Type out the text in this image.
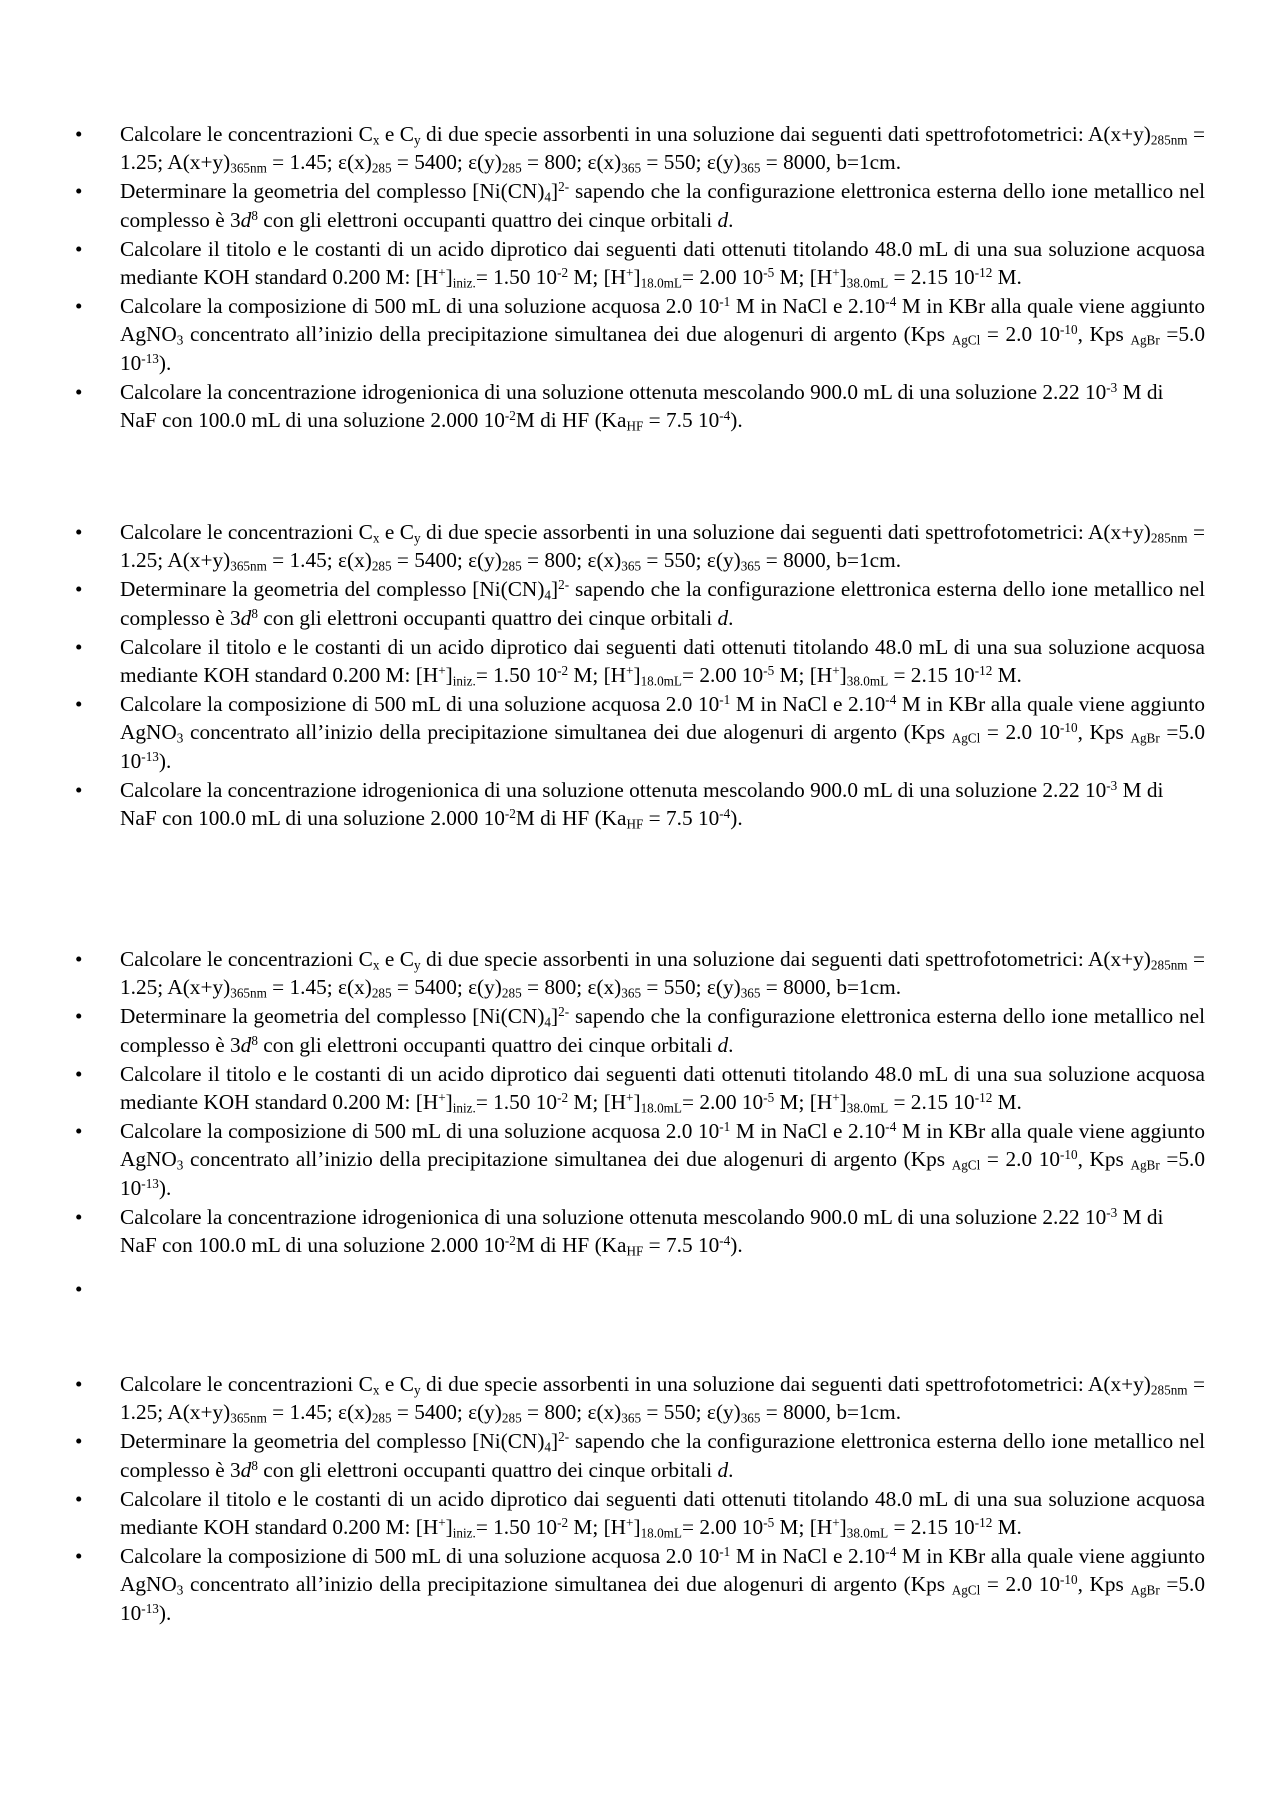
•	Calcolare le concentrazioni $C_x$ e $C_y$ di due specie assorbenti in una soluzione dai seguenti dati spettrofotometrici: $A(x+y)_{285nm} = 1.25$; $A(x+y)_{365nm} = 1.45$; $\varepsilon(x)_{285} = 5400$; $\varepsilon(y)_{285} = 800$; $\varepsilon(x)_{365} = 550$; $\varepsilon(y)_{365} = 8000$, b=1cm.
•	Determinare la geometria del complesso $[Ni(CN)_4]^{2-}$ sapendo che la configurazione elettronica esterna dello ione metallico nel complesso è $3d^8$ con gli elettroni occupanti quattro dei cinque orbitali d.
•	Calcolare il titolo e le costanti di un acido diprotico dai seguenti dati ottenuti titolando 48.0 mL di una sua soluzione acquosa mediante KOH standard 0.200 M: $[H^+]_{iniz.}= 1.50$ $10^{-2}$ M; $[H^+]_{18.0mL}= 2.00$ $10^{-5}$ M; $[H^+]_{38.0mL} = 2.15$ $10^{-12}$ M.
•	Calcolare la composizione di 500 mL di una soluzione acquosa 2.0 $10^{-1}$ M in NaCl e $2.10^{-4}$ M in KBr alla quale viene aggiunto AgNO$_3$ concentrato all’inizio della precipitazione simultanea dei due alogenuri di argento (Kps $_{AgCl}$ = 2.0 $10^{-10}$, Kps $_{AgBr}$ =5.0 $10^{-13}$).
•	Calcolare la concentrazione idrogenionica di una soluzione ottenuta mescolando 900.0 mL di una soluzione 2.22 $10^{-3}$ M di NaF con 100.0 mL di una soluzione 2.000 $10^{-2}M$ di HF ($Ka_{HF} = 7.5$ $10^{-4}$).
•	Calcolare le concentrazioni $C_x$ e $C_y$ di due specie assorbenti in una soluzione dai seguenti dati spettrofotometrici: $A(x+y)_{285nm} = 1.25$; $A(x+y)_{365nm} = 1.45$; $\varepsilon(x)_{285} = 5400$; $\varepsilon(y)_{285} = 800$; $\varepsilon(x)_{365} = 550$; $\varepsilon(y)_{365} = 8000$, b=1cm.
•	Determinare la geometria del complesso $[Ni(CN)_4]^{2-}$ sapendo che la configurazione elettronica esterna dello ione metallico nel complesso è $3d^8$ con gli elettroni occupanti quattro dei cinque orbitali d.
•	Calcolare il titolo e le costanti di un acido diprotico dai seguenti dati ottenuti titolando 48.0 mL di una sua soluzione acquosa mediante KOH standard 0.200 M: $[H^+]_{iniz.}= 1.50$ $10^{-2}$ M; $[H^+]_{18.0mL}= 2.00$ $10^{-5}$ M; $[H^+]_{38.0mL} = 2.15$ $10^{-12}$ M.
•	Calcolare la composizione di 500 mL di una soluzione acquosa 2.0 $10^{-1}$ M in NaCl e $2.10^{-4}$ M in KBr alla quale viene aggiunto AgNO$_3$ concentrato all’inizio della precipitazione simultanea dei due alogenuri di argento (Kps $_{AgCl}$ = 2.0 $10^{-10}$, Kps $_{AgBr}$ =5.0 $10^{-13}$).
•	Calcolare la concentrazione idrogenionica di una soluzione ottenuta mescolando 900.0 mL di una soluzione 2.22 $10^{-3}$ M di NaF con 100.0 mL di una soluzione 2.000 $10^{-2}M$ di HF ($Ka_{HF} = 7.5$ $10^{-4}$).
•	Calcolare le concentrazioni $C_x$ e $C_y$ di due specie assorbenti in una soluzione dai seguenti dati spettrofotometrici: $A(x+y)_{285nm} = 1.25$; $A(x+y)_{365nm} = 1.45$; $\varepsilon(x)_{285} = 5400$; $\varepsilon(y)_{285} = 800$; $\varepsilon(x)_{365} = 550$; $\varepsilon(y)_{365} = 8000$, b=1cm.
•	Determinare la geometria del complesso $[Ni(CN)_4]^{2-}$ sapendo che la configurazione elettronica esterna dello ione metallico nel complesso è $3d^8$ con gli elettroni occupanti quattro dei cinque orbitali d.
•	Calcolare il titolo e le costanti di un acido diprotico dai seguenti dati ottenuti titolando 48.0 mL di una sua soluzione acquosa mediante KOH standard 0.200 M: $[H^+]_{iniz.}= 1.50$ $10^{-2}$ M; $[H^+]_{18.0mL}= 2.00$ $10^{-5}$ M; $[H^+]_{38.0mL} = 2.15$ $10^{-12}$ M.
•	Calcolare la composizione di 500 mL di una soluzione acquosa 2.0 $10^{-1}$ M in NaCl e $2.10^{-4}$ M in KBr alla quale viene aggiunto AgNO$_3$ concentrato all’inizio della precipitazione simultanea dei due alogenuri di argento (Kps $_{AgCl}$ = 2.0 $10^{-10}$, Kps $_{AgBr}$ =5.0 $10^{-13}$).
•	Calcolare la concentrazione idrogenionica di una soluzione ottenuta mescolando 900.0 mL di una soluzione 2.22 $10^{-3}$ M di NaF con 100.0 mL di una soluzione 2.000 $10^{-2}M$ di HF ($Ka_{HF} = 7.5$ $10^{-4}$).
•

•	Calcolare le concentrazioni $C_x$ e $C_y$ di due specie assorbenti in una soluzione dai seguenti dati spettrofotometrici: $A(x+y)_{285nm} = 1.25$; $A(x+y)_{365nm} = 1.45$; $\varepsilon(x)_{285} = 5400$; $\varepsilon(y)_{285} = 800$; $\varepsilon(x)_{365} = 550$; $\varepsilon(y)_{365} = 8000$, b=1cm.
•	Determinare la geometria del complesso $[Ni(CN)_4]^{2-}$ sapendo che la configurazione elettronica esterna dello ione metallico nel complesso è $3d^8$ con gli elettroni occupanti quattro dei cinque orbitali d.
•	Calcolare il titolo e le costanti di un acido diprotico dai seguenti dati ottenuti titolando 48.0 mL di una sua soluzione acquosa mediante KOH standard 0.200 M: $[H^+]_{iniz.}= 1.50$ $10^{-2}$ M; $[H^+]_{18.0mL}= 2.00$ $10^{-5}$ M; $[H^+]_{38.0mL} = 2.15$ $10^{-12}$ M.
•	Calcolare la composizione di 500 mL di una soluzione acquosa 2.0 $10^{-1}$ M in NaCl e $2.10^{-4}$ M in KBr alla quale viene aggiunto AgNO$_3$ concentrato all’inizio della precipitazione simultanea dei due alogenuri di argento (Kps $_{AgCl}$ = 2.0 $10^{-10}$, Kps $_{AgBr}$ =5.0 $10^{-13}$).
